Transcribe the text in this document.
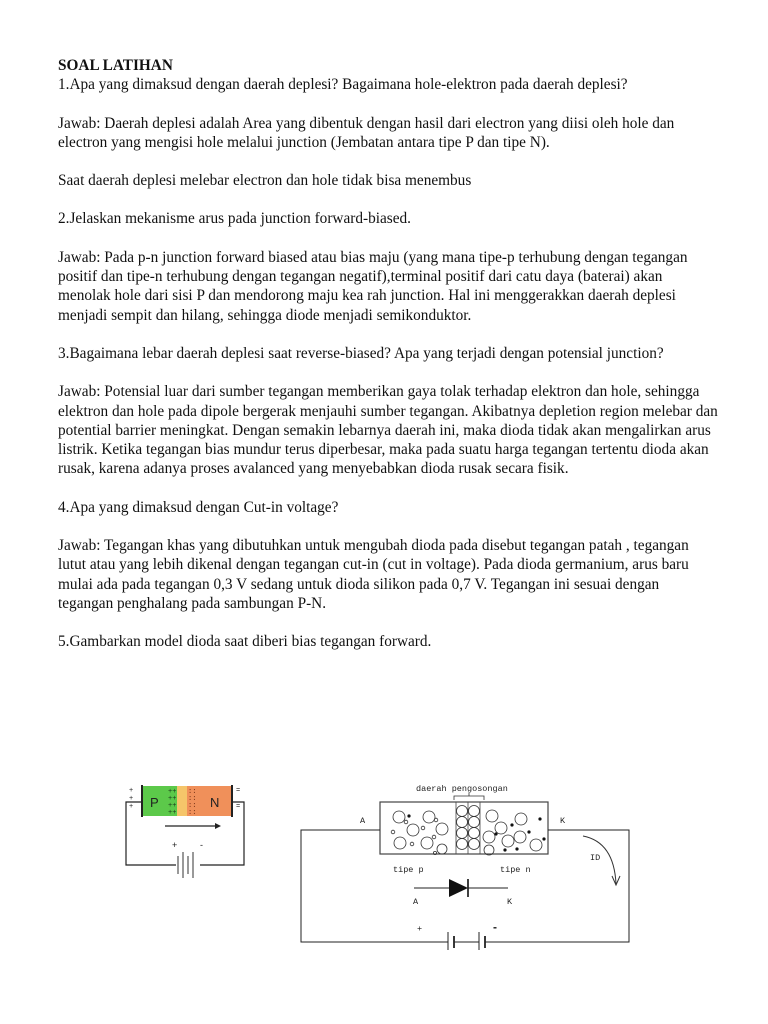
SOAL LATIHAN

1.Apa yang dimaksud dengan daerah deplesi? Bagaimana hole-elektron pada daerah deplesi?

Jawab: Daerah deplesi adalah Area yang dibentuk dengan hasil dari electron yang diisi oleh hole dan electron yang mengisi hole melalui junction (Jembatan antara tipe P dan tipe N).

Saat daerah deplesi melebar electron dan hole tidak bisa menembus

2.Jelaskan mekanisme arus pada junction forward-biased.

Jawab: Pada p-n junction forward biased atau bias maju (yang mana tipe-p terhubung dengan tegangan positif dan tipe-n terhubung dengan tegangan negatif),terminal positif dari catu daya (baterai) akan menolak hole dari sisi P dan mendorong maju kea rah junction. Hal ini menggerakkan daerah deplesi menjadi sempit dan hilang, sehingga diode menjadi semikonduktor.

3.Bagaimana lebar daerah deplesi saat reverse-biased? Apa yang terjadi dengan potensial junction?

Jawab: Potensial luar dari sumber tegangan memberikan gaya tolak terhadap elektron dan hole, sehingga elektron dan hole pada dipole bergerak menjauhi sumber tegangan. Akibatnya depletion region melebar dan potential barrier meningkat. Dengan semakin lebarnya daerah ini, maka dioda tidak akan mengalirkan arus listrik. Ketika tegangan bias mundur terus diperbesar, maka pada suatu harga tegangan tertentu dioda akan rusak, karena adanya proses avalanced yang menyebabkan dioda rusak secara fisik.

4.Apa yang dimaksud dengan Cut-in voltage?

Jawab: Tegangan khas yang dibutuhkan untuk mengubah dioda pada disebut tegangan patah , tegangan lutut atau yang lebih dikenal dengan tegangan cut-in (cut in voltage). Pada dioda germanium, arus baru mulai ada pada tegangan 0,3 V sedang untuk dioda silikon pada 0,7 V. Tegangan ini sesuai dengan tegangan penghalang pada sambungan P-N.

5.Gambarkan model dioda saat diberi bias tegangan forward.

P	N
++
++
++
++
::
::
::
::
+
+
+
=
=
+	-
daerah pengosongan
A	K
tipe p	tipe n
A	K
ID
+	-
